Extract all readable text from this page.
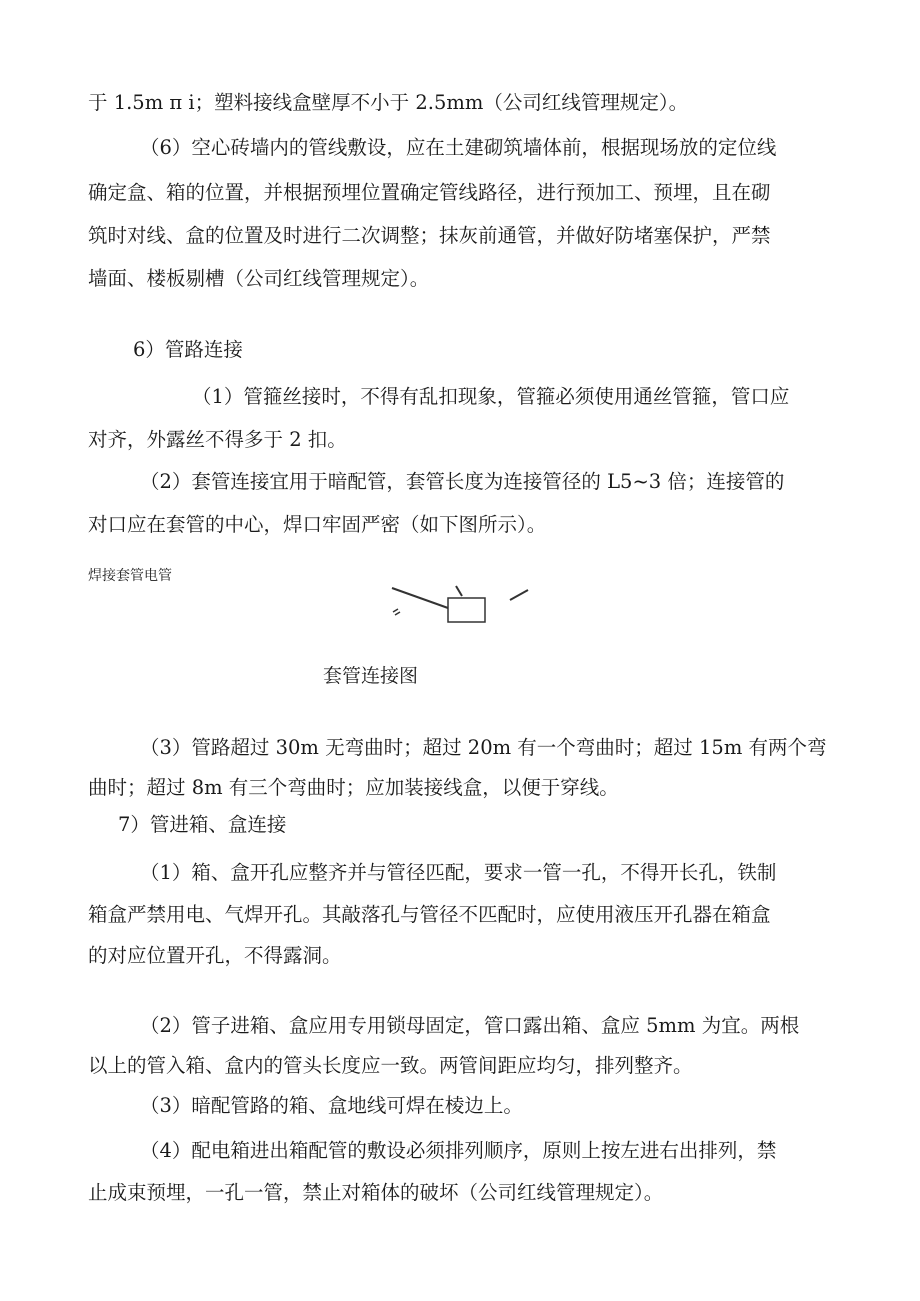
于 1.5m π i；塑料接线盒壁厚不小于 2.5mm（公司红线管理规定）。
（6）空心砖墙内的管线敷设，应在土建砌筑墙体前，根据现场放的定位线
确定盒、箱的位置，并根据预埋位置确定管线路径，进行预加工、预埋，且在砌
筑时对线、盒的位置及时进行二次调整；抹灰前通管，并做好防堵塞保护，严禁
墙面、楼板剔槽（公司红线管理规定）。
6）管路连接
（1）管箍丝接时，不得有乱扣现象，管箍必须使用通丝管箍，管口应
对齐，外露丝不得多于 2 扣。
（2）套管连接宜用于暗配管，套管长度为连接管径的 L5~3 倍；连接管的
对口应在套管的中心，焊口牢固严密（如下图所示）。
焊接套管电管
套管连接图
（3）管路超过 30m 无弯曲时；超过 20m 有一个弯曲时；超过 15m 有两个弯
曲时；超过 8m 有三个弯曲时；应加装接线盒，以便于穿线。
7）管进箱、盒连接
（1）箱、盒开孔应整齐并与管径匹配，要求一管一孔，不得开长孔，铁制
箱盒严禁用电、气焊开孔。其敲落孔与管径不匹配时，应使用液压开孔器在箱盒
的对应位置开孔，不得露洞。
（2）管子进箱、盒应用专用锁母固定，管口露出箱、盒应 5mm 为宜。两根
以上的管入箱、盒内的管头长度应一致。两管间距应均匀，排列整齐。
（3）暗配管路的箱、盒地线可焊在棱边上。
（4）配电箱进出箱配管的敷设必须排列顺序，原则上按左进右出排列，禁
止成束预埋，一孔一管，禁止对箱体的破坏（公司红线管理规定）。
